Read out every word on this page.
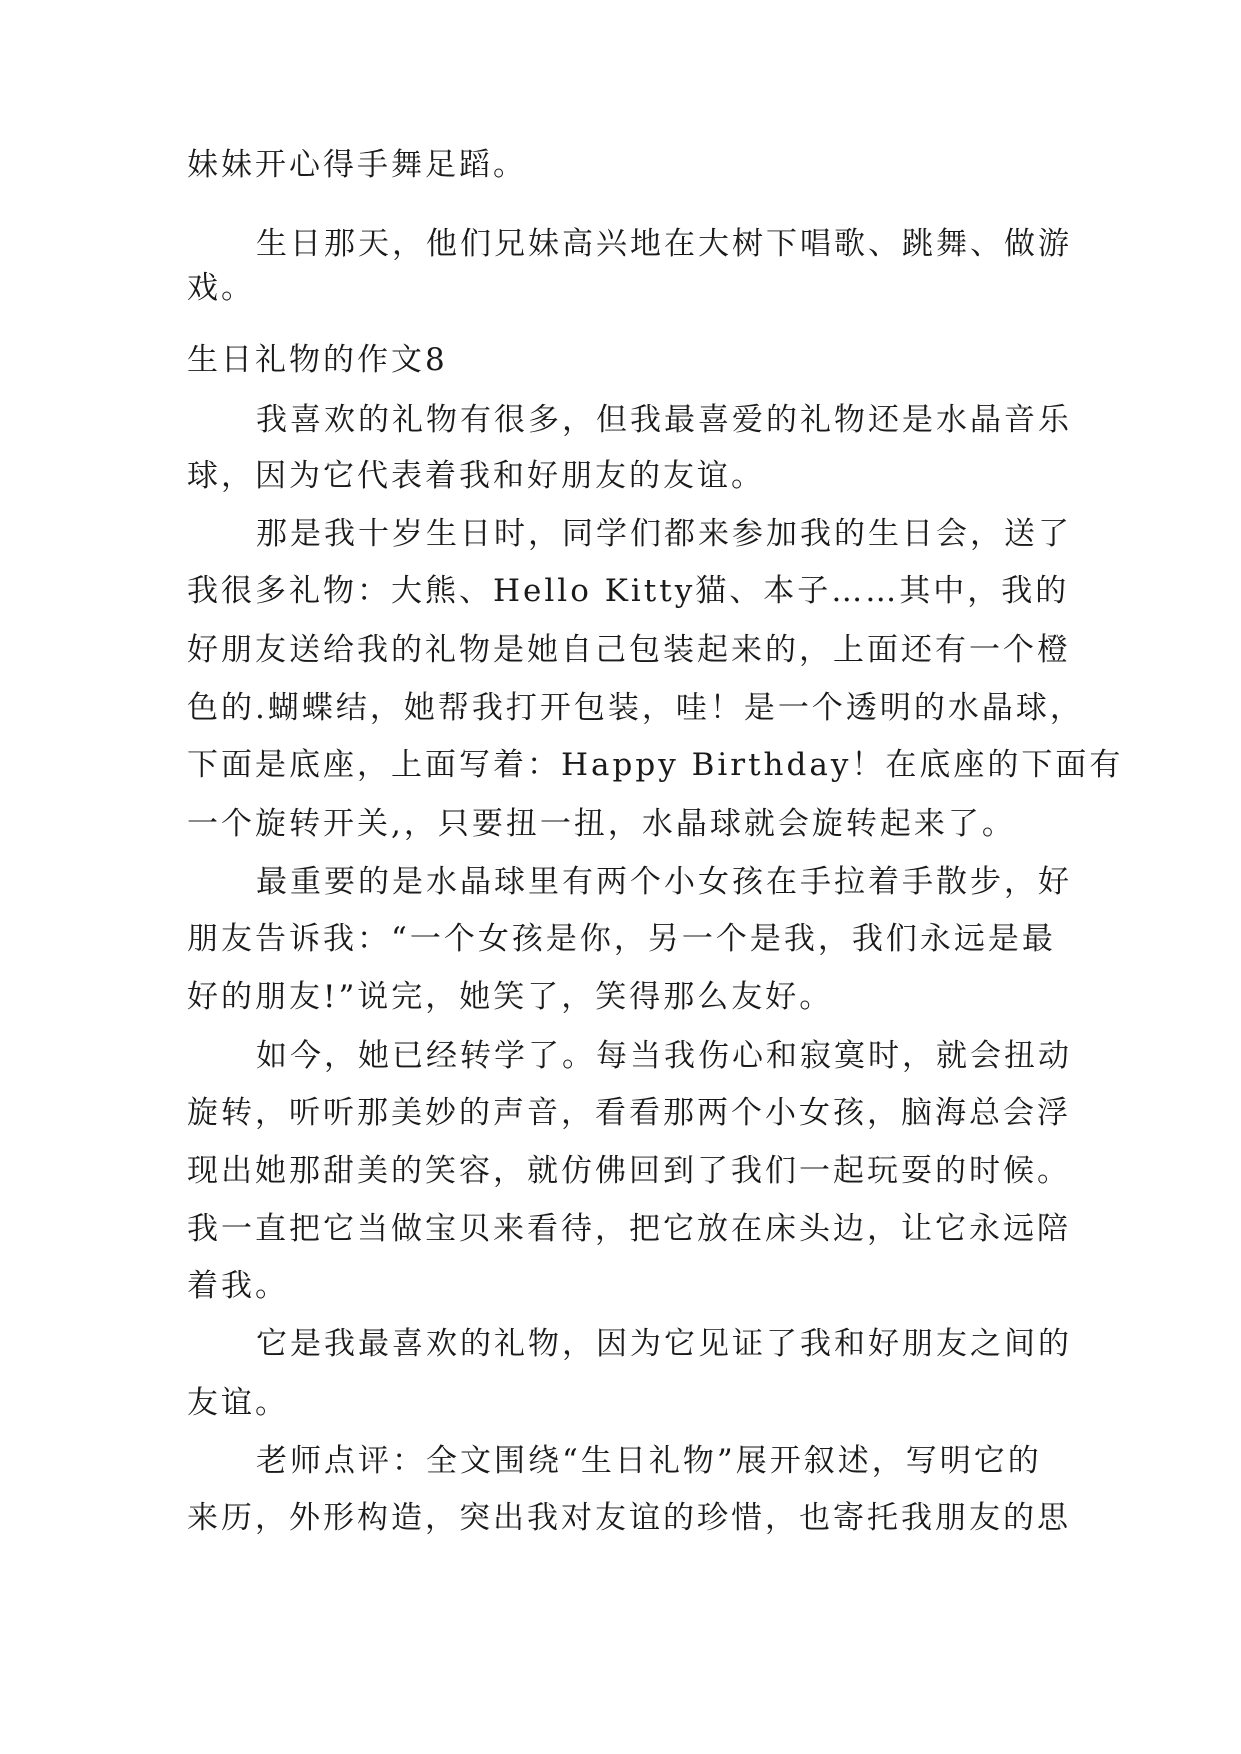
妹妹开心得手舞足蹈。
生日那天，他们兄妹高兴地在大树下唱歌、跳舞、做游
戏。
生日礼物的作文8
我喜欢的礼物有很多，但我最喜爱的礼物还是水晶音乐
球，因为它代表着我和好朋友的友谊。
那是我十岁生日时，同学们都来参加我的生日会，送了
我很多礼物：大熊、Hello Kitty猫、本子……其中，我的
好朋友送给我的礼物是她自己包装起来的，上面还有一个橙
色的.蝴蝶结，她帮我打开包装，哇！是一个透明的水晶球，
下面是底座，上面写着：Happy Birthday！在底座的下面有
一个旋转开关,，只要扭一扭，水晶球就会旋转起来了。
最重要的是水晶球里有两个小女孩在手拉着手散步，好
朋友告诉我：“一个女孩是你，另一个是我，我们永远是最
好的朋友!”说完，她笑了，笑得那么友好。
如今，她已经转学了。每当我伤心和寂寞时，就会扭动
旋转，听听那美妙的声音，看看那两个小女孩，脑海总会浮
现出她那甜美的笑容，就仿佛回到了我们一起玩耍的时候。
我一直把它当做宝贝来看待，把它放在床头边，让它永远陪
着我。
它是我最喜欢的礼物，因为它见证了我和好朋友之间的
友谊。
老师点评：全文围绕“生日礼物”展开叙述，写明它的
来历，外形构造，突出我对友谊的珍惜，也寄托我朋友的思
